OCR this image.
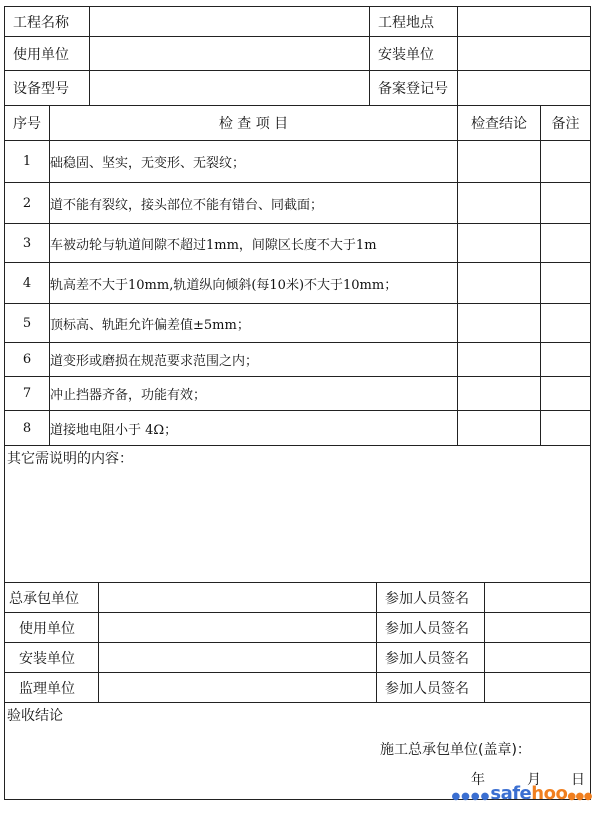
工程名称	工程地点
使用单位	安装单位
设备型号	备案登记号
序号	检 查 项 目	检查结论	备注
1	础稳固、坚实，无变形、无裂纹；
2	道不能有裂纹，接头部位不能有错台、同截面；
3	车被动轮与轨道间隙不超过1mm，间隙区长度不大于1m
4	轨高差不大于10mm,轨道纵向倾斜(每10米)不大于10mm；
5	顶标高、轨距允许偏差值±5mm；
6	道变形或磨损在规范要求范围之内；
7	冲止挡器齐备，功能有效；
8	道接地电阻小于 4Ω；
其它需说明的内容：
总承包单位	参加人员签名
使用单位	参加人员签名
安装单位	参加人员签名
监理单位	参加人员签名
验收结论
施工总承包单位(盖章)：
年	月 日
●●●●safehoo●●●
